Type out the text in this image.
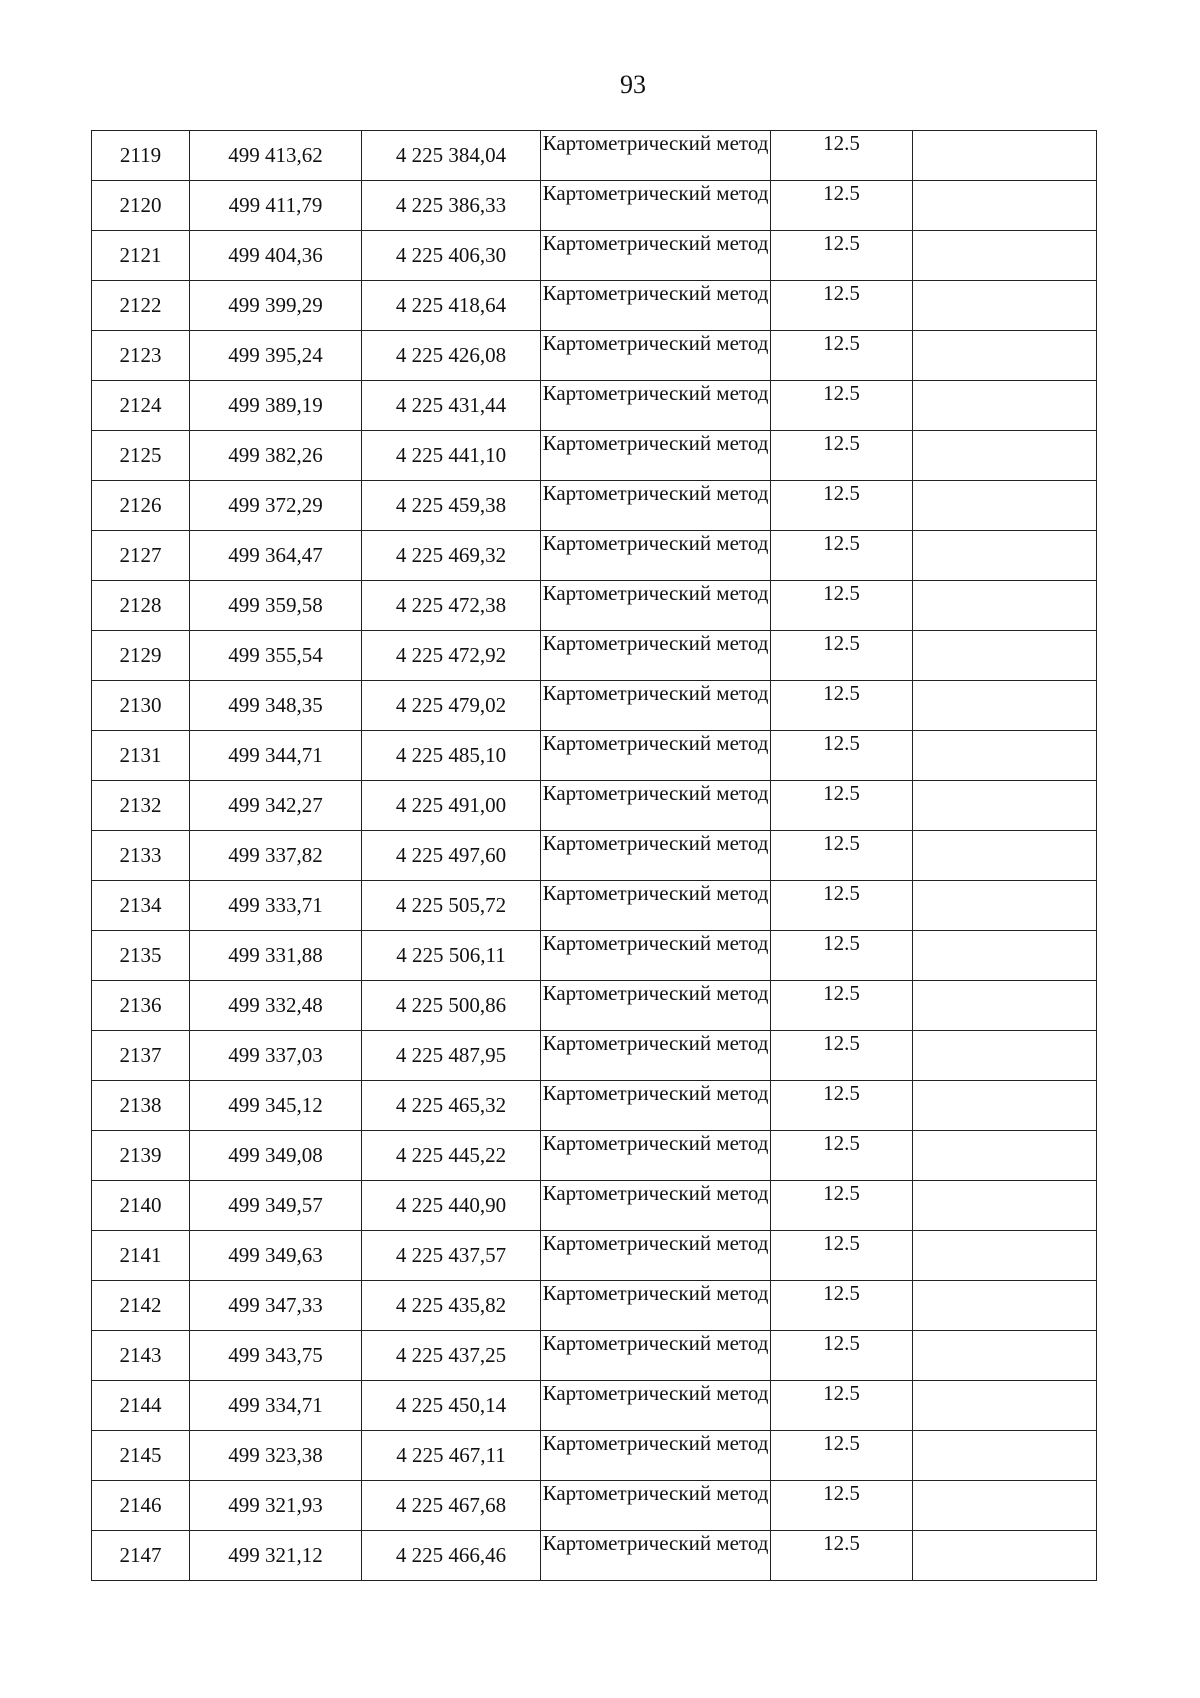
93
2119	499 413,62	4 225 384,04	Картометрический метод	12.5	
2120	499 411,79	4 225 386,33	Картометрический метод	12.5	
2121	499 404,36	4 225 406,30	Картометрический метод	12.5	
2122	499 399,29	4 225 418,64	Картометрический метод	12.5	
2123	499 395,24	4 225 426,08	Картометрический метод	12.5	
2124	499 389,19	4 225 431,44	Картометрический метод	12.5	
2125	499 382,26	4 225 441,10	Картометрический метод	12.5	
2126	499 372,29	4 225 459,38	Картометрический метод	12.5	
2127	499 364,47	4 225 469,32	Картометрический метод	12.5	
2128	499 359,58	4 225 472,38	Картометрический метод	12.5	
2129	499 355,54	4 225 472,92	Картометрический метод	12.5	
2130	499 348,35	4 225 479,02	Картометрический метод	12.5	
2131	499 344,71	4 225 485,10	Картометрический метод	12.5	
2132	499 342,27	4 225 491,00	Картометрический метод	12.5	
2133	499 337,82	4 225 497,60	Картометрический метод	12.5	
2134	499 333,71	4 225 505,72	Картометрический метод	12.5	
2135	499 331,88	4 225 506,11	Картометрический метод	12.5	
2136	499 332,48	4 225 500,86	Картометрический метод	12.5	
2137	499 337,03	4 225 487,95	Картометрический метод	12.5	
2138	499 345,12	4 225 465,32	Картометрический метод	12.5	
2139	499 349,08	4 225 445,22	Картометрический метод	12.5	
2140	499 349,57	4 225 440,90	Картометрический метод	12.5	
2141	499 349,63	4 225 437,57	Картометрический метод	12.5	
2142	499 347,33	4 225 435,82	Картометрический метод	12.5	
2143	499 343,75	4 225 437,25	Картометрический метод	12.5	
2144	499 334,71	4 225 450,14	Картометрический метод	12.5	
2145	499 323,38	4 225 467,11	Картометрический метод	12.5	
2146	499 321,93	4 225 467,68	Картометрический метод	12.5	
2147	499 321,12	4 225 466,46	Картометрический метод	12.5	
